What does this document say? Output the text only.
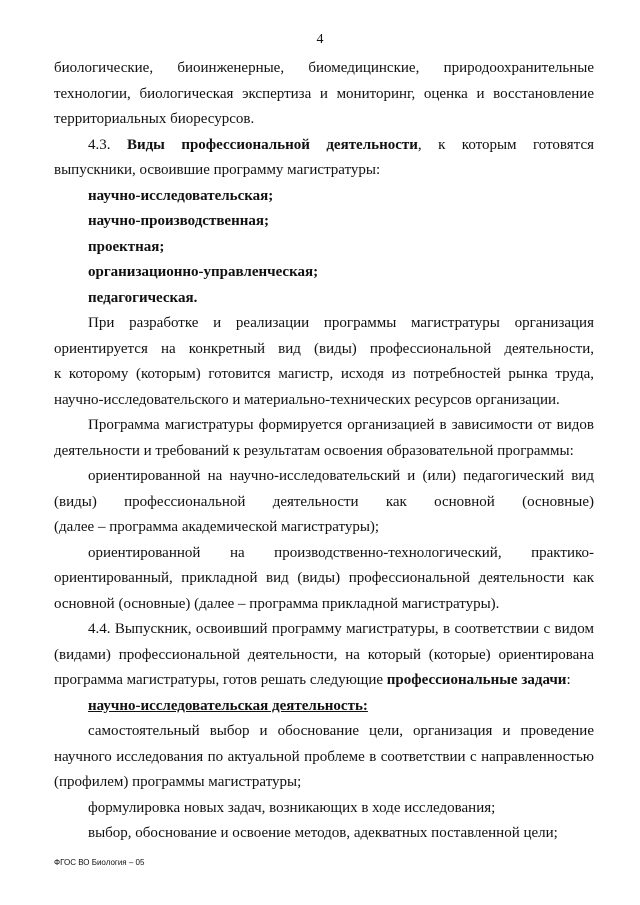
4

биологические, биоинженерные, биомедицинские, природоохранительные

технологии, биологическая экспертиза и мониторинг, оценка и восстановление

территориальных биоресурсов.

4.3. Виды профессиональной деятельности, к которым готовятся

выпускники, освоившие программу магистратуры:

научно-исследовательская;

научно-производственная;

проектная;

организационно-управленческая;

педагогическая.

При разработке и реализации программы магистратуры организация

ориентируется на конкретный вид (виды) профессиональной деятельности,

к которому (которым) готовится магистр, исходя из потребностей рынка труда,

научно-исследовательского и материально-технических ресурсов организации.

Программа магистратуры формируется организацией в зависимости от видов

деятельности и требований к результатам освоения образовательной программы:

ориентированной на научно-исследовательский и (или) педагогический вид

(виды) профессиональной деятельности как основной (основные)

(далее – программа академической магистратуры);

ориентированной на производственно-технологический, практико-

ориентированный, прикладной вид (виды) профессиональной деятельности как

основной (основные) (далее – программа прикладной магистратуры).

4.4. Выпускник, освоивший программу магистратуры, в соответствии с видом

(видами) профессиональной деятельности, на который (которые) ориентирована

программа магистратуры, готов решать следующие профессиональные задачи:

научно-исследовательская деятельность:

самостоятельный выбор и обоснование цели, организация и проведение

научного исследования по актуальной проблеме в соответствии с направленностью

(профилем) программы магистратуры;

формулировка новых задач, возникающих в ходе исследования;

выбор, обоснование и освоение методов, адекватных поставленной цели;

ФГОС ВО Биология – 05
